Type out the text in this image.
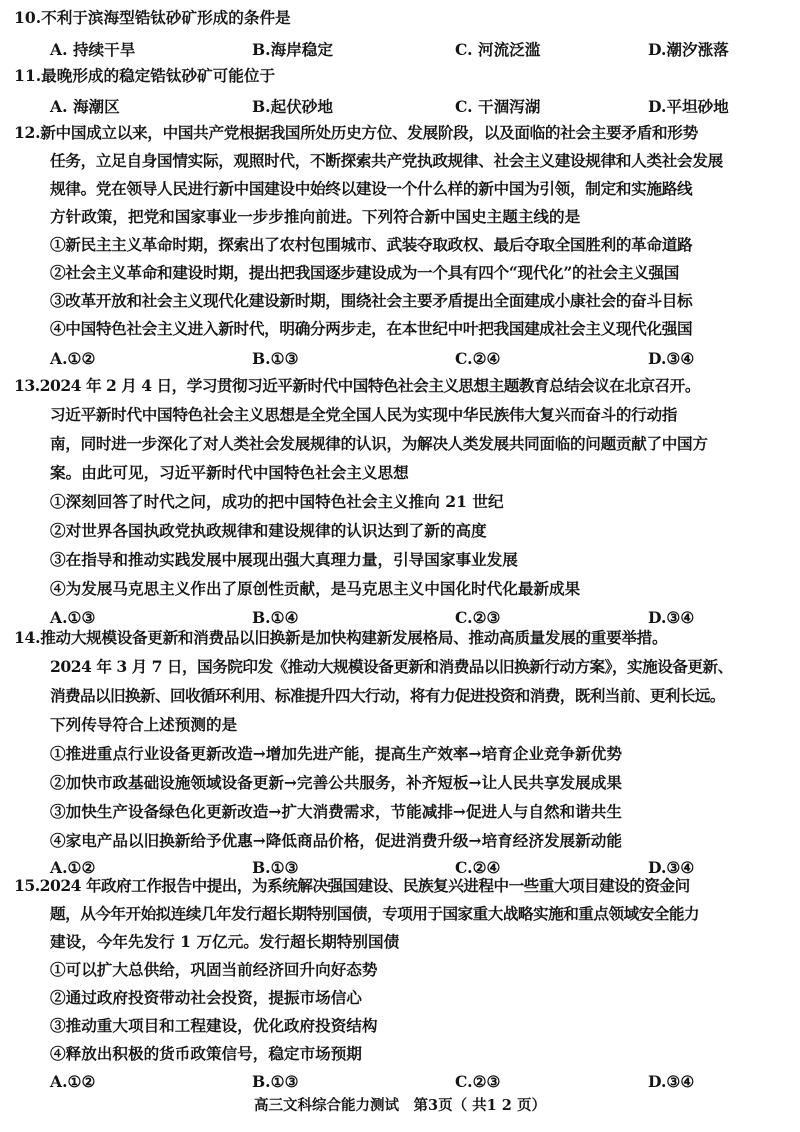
10.不利于滨海型锆钛砂矿形成的条件是
A. 持续干旱	B.海岸稳定	C. 河流泛滥	D.潮汐涨落
11.最晚形成的稳定锆钛砂矿可能位于
A. 海潮区	B.起伏砂地	C. 干涸泻湖	D.平坦砂地
12.新中国成立以来，中国共产党根据我国所处历史方位、发展阶段，以及面临的社会主要矛盾和形势
任务，立足自身国情实际，观照时代，不断探索共产党执政规律、社会主义建设规律和人类社会发展
规律。党在领导人民进行新中国建设中始终以建设一个什么样的新中国为引领，制定和实施路线
方针政策，把党和国家事业一步步推向前进。下列符合新中国史主题主线的是
①新民主主义革命时期，探索出了农村包围城市、武装夺取政权、最后夺取全国胜利的革命道路
②社会主义革命和建设时期，提出把我国逐步建设成为一个具有四个“现代化”的社会主义强国
③改革开放和社会主义现代化建设新时期，围绕社会主要矛盾提出全面建成小康社会的奋斗目标
④中国特色社会主义进入新时代，明确分两步走，在本世纪中叶把我国建成社会主义现代化强国
A.①②	B.①③	C.②④	D.③④
13.2024 年 2 月 4 日，学习贯彻习近平新时代中国特色社会主义思想主题教育总结会议在北京召开。
习近平新时代中国特色社会主义思想是全党全国人民为实现中华民族伟大复兴而奋斗的行动指
南，同时进一步深化了对人类社会发展规律的认识，为解决人类发展共同面临的问题贡献了中国方
案。由此可见，习近平新时代中国特色社会主义思想
①深刻回答了时代之问，成功的把中国特色社会主义推向 21 世纪
②对世界各国执政党执政规律和建设规律的认识达到了新的高度
③在指导和推动实践发展中展现出强大真理力量，引导国家事业发展
④为发展马克思主义作出了原创性贡献，是马克思主义中国化时代化最新成果
A.①③	B.①④	C.②③	D.③④
14.推动大规模设备更新和消费品以旧换新是加快构建新发展格局、推动高质量发展的重要举措。
2024 年 3 月 7 日，国务院印发《推动大规模设备更新和消费品以旧换新行动方案》，实施设备更新、
消费品以旧换新、回收循环利用、标准提升四大行动，将有力促进投资和消费，既利当前、更利长远。
下列传导符合上述预测的是
①推进重点行业设备更新改造→增加先进产能，提高生产效率→培育企业竞争新优势
②加快市政基础设施领域设备更新→完善公共服务，补齐短板→让人民共享发展成果
③加快生产设备绿色化更新改造→扩大消费需求，节能减排→促进人与自然和谐共生
④家电产品以旧换新给予优惠→降低商品价格，促进消费升级→培育经济发展新动能
A.①②	B.①③	C.②④	D.③④
15.2024 年政府工作报告中提出，为系统解决强国建设、民族复兴进程中一些重大项目建设的资金问
题，从今年开始拟连续几年发行超长期特别国债，专项用于国家重大战略实施和重点领域安全能力
建设，今年先发行 1 万亿元。发行超长期特别国债
①可以扩大总供给，巩固当前经济回升向好态势
②通过政府投资带动社会投资，提振市场信心
③推动重大项目和工程建设，优化政府投资结构
④释放出积极的货币政策信号，稳定市场预期
A.①②	B.①③	C.②③	D.③④
高三文科综合能力测试　第3页（ 共1 2 页）
